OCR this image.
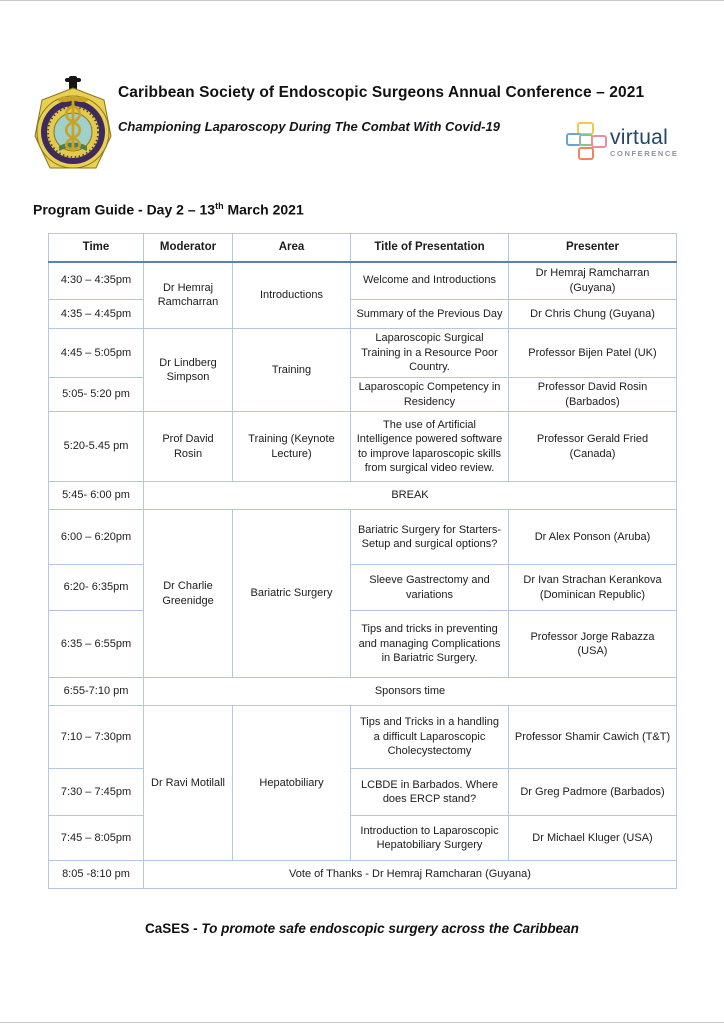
Caribbean Society of Endoscopic Surgeons Annual Conference – 2021
Championing Laparoscopy During The Combat With Covid-19	virtual
CONFERENCE
Program Guide - Day 2 – 13th March 2021
Time	Moderator	Area	Title of Presentation	Presenter
4:30 – 4:35pm	Dr Hemraj Ramcharran	Introductions	Welcome and Introductions	Dr Hemraj Ramcharran (Guyana)
4:35 – 4:45pm			Summary of the Previous Day	Dr Chris Chung (Guyana)
4:45 – 5:05pm	Dr Lindberg Simpson	Training	Laparoscopic Surgical Training in a Resource Poor Country.	Professor Bijen Patel (UK)
5:05- 5:20 pm			Laparoscopic Competency in Residency	Professor David Rosin (Barbados)
5:20-5.45 pm	Prof David Rosin	Training (Keynote Lecture)	The use of Artificial Intelligence powered software to improve laparoscopic skills from surgical video review.	Professor Gerald Fried (Canada)
5:45- 6:00 pm	BREAK			
6:00 – 6:20pm	Dr Charlie Greenidge	Bariatric Surgery	Bariatric Surgery for Starters- Setup and surgical options?	Dr Alex Ponson (Aruba)
6:20- 6:35pm			Sleeve Gastrectomy and variations	Dr Ivan Strachan Kerankova (Dominican Republic)
6:35 – 6:55pm			Tips and tricks in preventing and managing Complications in Bariatric Surgery.	Professor Jorge Rabazza (USA)
6:55-7:10 pm	Sponsors time			
7:10 – 7:30pm	Dr Ravi Motilall	Hepatobiliary	Tips and Tricks in a handling a difficult Laparoscopic Cholecystectomy	Professor Shamir Cawich (T&T)
7:30 – 7:45pm			LCBDE in Barbados. Where does ERCP stand?	Dr Greg Padmore (Barbados)
7:45 – 8:05pm			Introduction to Laparoscopic Hepatobiliary Surgery	Dr Michael Kluger (USA)
8:05 -8:10 pm	Vote of Thanks - Dr Hemraj Ramcharan (Guyana)			
CaSES - To promote safe endoscopic surgery across the Caribbean
